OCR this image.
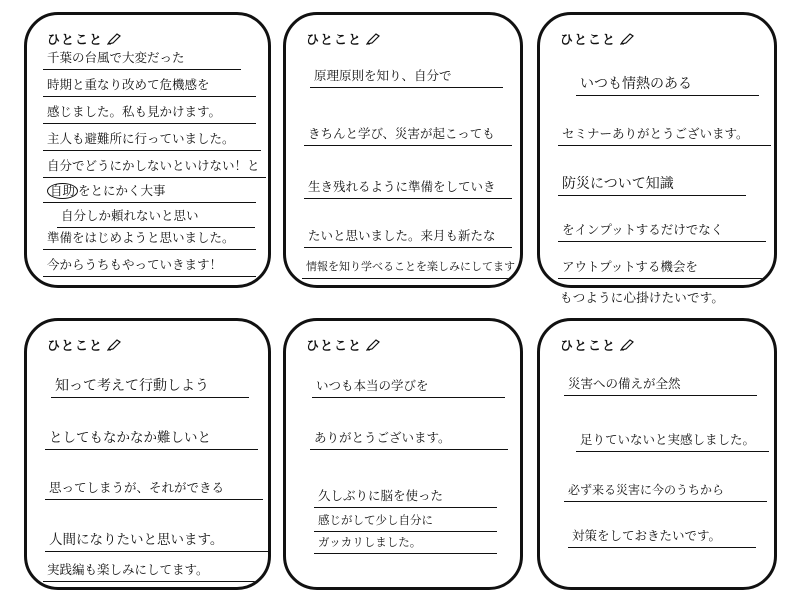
ひとこと
千葉の台風で大変だった
時期と重なり改めて危機感を
感じました。私も見かけます。
主人も避難所に行っていました。
自分でどうにかしないといけない！と
自助 をとにかく大事
自分しか頼れないと思い
準備をはじめようと思いました。
今からうちもやっていきます！
ひとこと
原理原則を知り、自分で
きちんと学び、災害が起こっても
生き残れるように準備をしていき
たいと思いました。来月も新たな
情報を知り学べることを楽しみにしてます
ひとこと
いつも情熱のある
セミナーありがとうございます。
防災について知識
をインプットするだけでなく
アウトプットする機会を
もつように心掛けたいです。
ひとこと
知って考えて行動しよう
としてもなかなか難しいと
思ってしまうが、それができる
人間になりたいと思います。
実践編も楽しみにしてます。
ひとこと
いつも本当の学びを
ありがとうございます。
久しぶりに脳を使った
感じがして少し自分に
ガッカリしました。
ひとこと
災害への備えが全然
足りていないと実感しました。
必ず来る災害に今のうちから
対策をしておきたいです。
